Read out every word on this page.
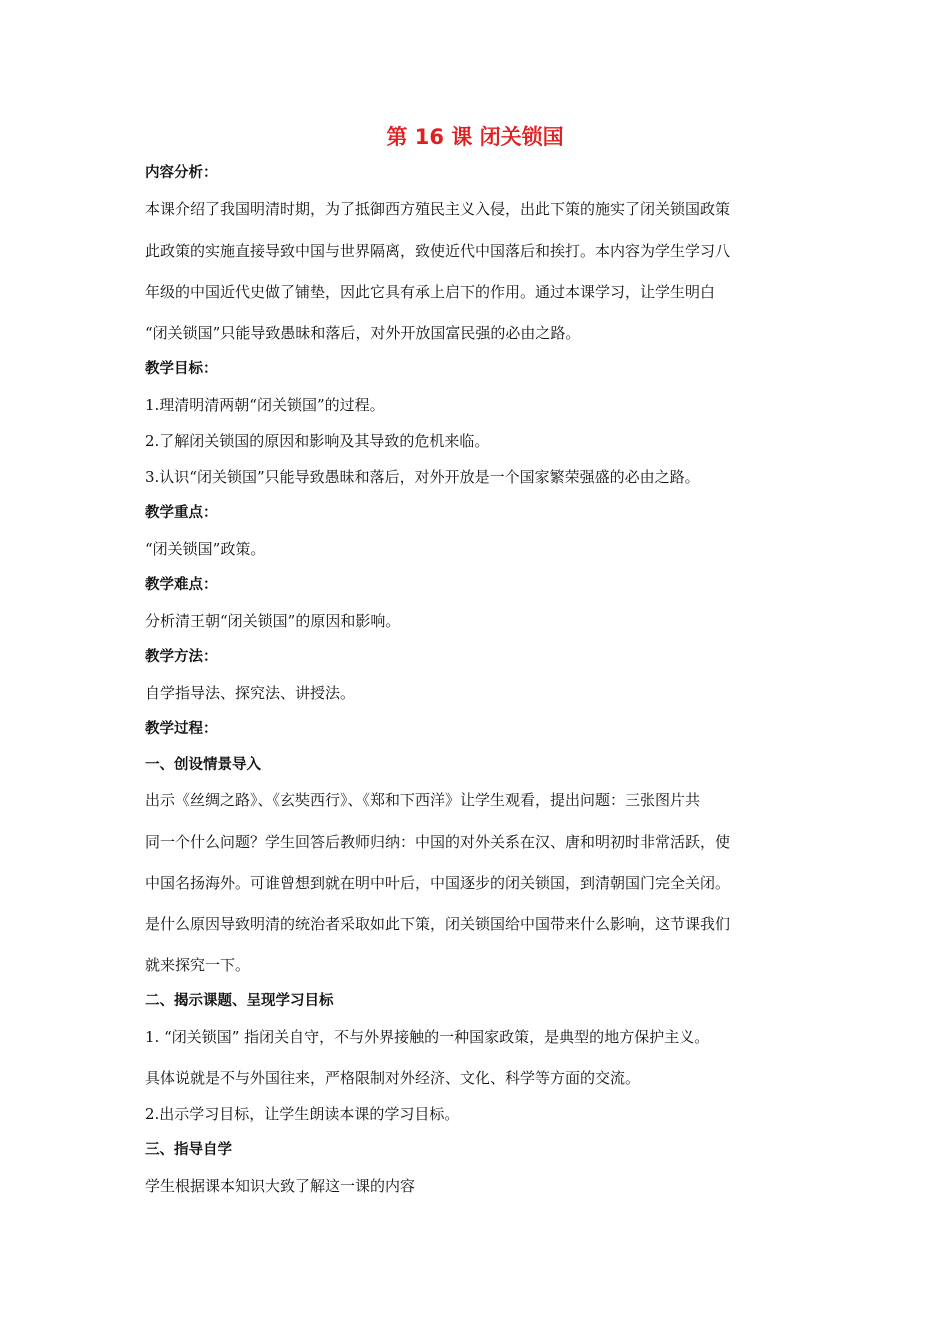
第 16 课 闭关锁国

内容分析：

本课介绍了我国明清时期，为了抵御西方殖民主义入侵，出此下策的施实了闭关锁国政策

此政策的实施直接导致中国与世界隔离，致使近代中国落后和挨打。本内容为学生学习八

年级的中国近代史做了铺垫，因此它具有承上启下的作用。通过本课学习，让学生明白

“闭关锁国”只能导致愚昧和落后，对外开放国富民强的必由之路。

教学目标：

1.理清明清两朝“闭关锁国”的过程。

2.了解闭关锁国的原因和影响及其导致的危机来临。

3.认识“闭关锁国”只能导致愚昧和落后，对外开放是一个国家繁荣强盛的必由之路。

教学重点：

“闭关锁国”政策。

教学难点：

分析清王朝“闭关锁国”的原因和影响。

教学方法：

自学指导法、探究法、讲授法。

教学过程：

一、创设情景导入

出示《丝绸之路》、《玄奘西行》、《郑和下西洋》让学生观看，提出问题：三张图片共

同一个什么问题？学生回答后教师归纳：中国的对外关系在汉、唐和明初时非常活跃，使

中国名扬海外。可谁曾想到就在明中叶后，中国逐步的闭关锁国，到清朝国门完全关闭。

是什么原因导致明清的统治者采取如此下策，闭关锁国给中国带来什么影响，这节课我们

就来探究一下。

二、揭示课题、呈现学习目标

1. “闭关锁国” 指闭关自守，不与外界接触的一种国家政策，是典型的地方保护主义。

具体说就是不与外国往来，严格限制对外经济、文化、科学等方面的交流。

2.出示学习目标，让学生朗读本课的学习目标。

三、指导自学

学生根据课本知识大致了解这一课的内容
